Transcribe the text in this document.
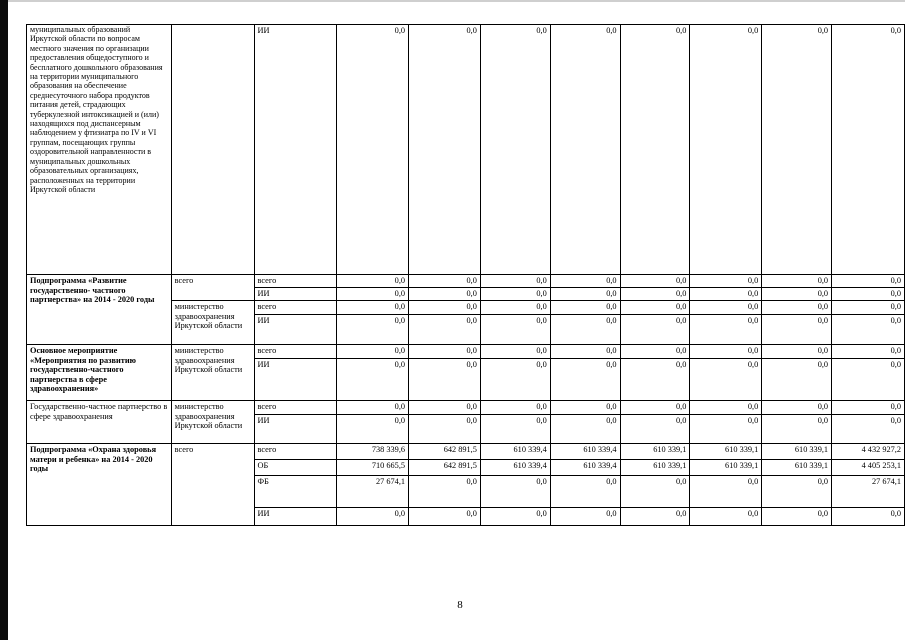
муниципальных образований Иркутской области по вопросам местного значения по организации предоставления общедоступного и бесплатного дошкольного образования на территории муниципального образования на обеспечение среднесуточного набора продуктов питания детей, страдающих туберкулезной интоксикацией и (или) находящихся под диспансерным наблюдением у фтизиатра по IV и VI группам, посещающих группы оздоровительной направленности в муниципальных дошкольных образовательных организациях, расположенных на территории Иркутской области		ИИ	0,0	0,0	0,0	0,0	0,0	0,0	0,0	0,0
Подпрограмма «Развитие государственно- частного партнерства» на 2014 - 2020 годы	всего	всего	0,0	0,0	0,0	0,0	0,0	0,0	0,0	0,0
		ИИ	0,0	0,0	0,0	0,0	0,0	0,0	0,0	0,0
	министерство здравоохранения Иркутской области	всего	0,0	0,0	0,0	0,0	0,0	0,0	0,0	0,0
		ИИ	0,0	0,0	0,0	0,0	0,0	0,0	0,0	0,0
Основное мероприятие «Мероприятия по развитию государственно-частного партнерства в сфере здравоохранения»	министерство здравоохранения Иркутской области	всего	0,0	0,0	0,0	0,0	0,0	0,0	0,0	0,0
		ИИ	0,0	0,0	0,0	0,0	0,0	0,0	0,0	0,0
Государственно-частное партнерство в сфере здравоохранения	министерство здравоохранения Иркутской области	всего	0,0	0,0	0,0	0,0	0,0	0,0	0,0	0,0
		ИИ	0,0	0,0	0,0	0,0	0,0	0,0	0,0	0,0
Подпрограмма «Охрана здоровья матери и ребенка» на 2014 - 2020 годы	всего	всего	738 339,6	642 891,5	610 339,4	610 339,4	610 339,1	610 339,1	610 339,1	4 432 927,2
		ОБ	710 665,5	642 891,5	610 339,4	610 339,4	610 339,1	610 339,1	610 339,1	4 405 253,1
		ФБ	27 674,1	0,0	0,0	0,0	0,0	0,0	0,0	27 674,1
		ИИ	0,0	0,0	0,0	0,0	0,0	0,0	0,0	0,0
8
